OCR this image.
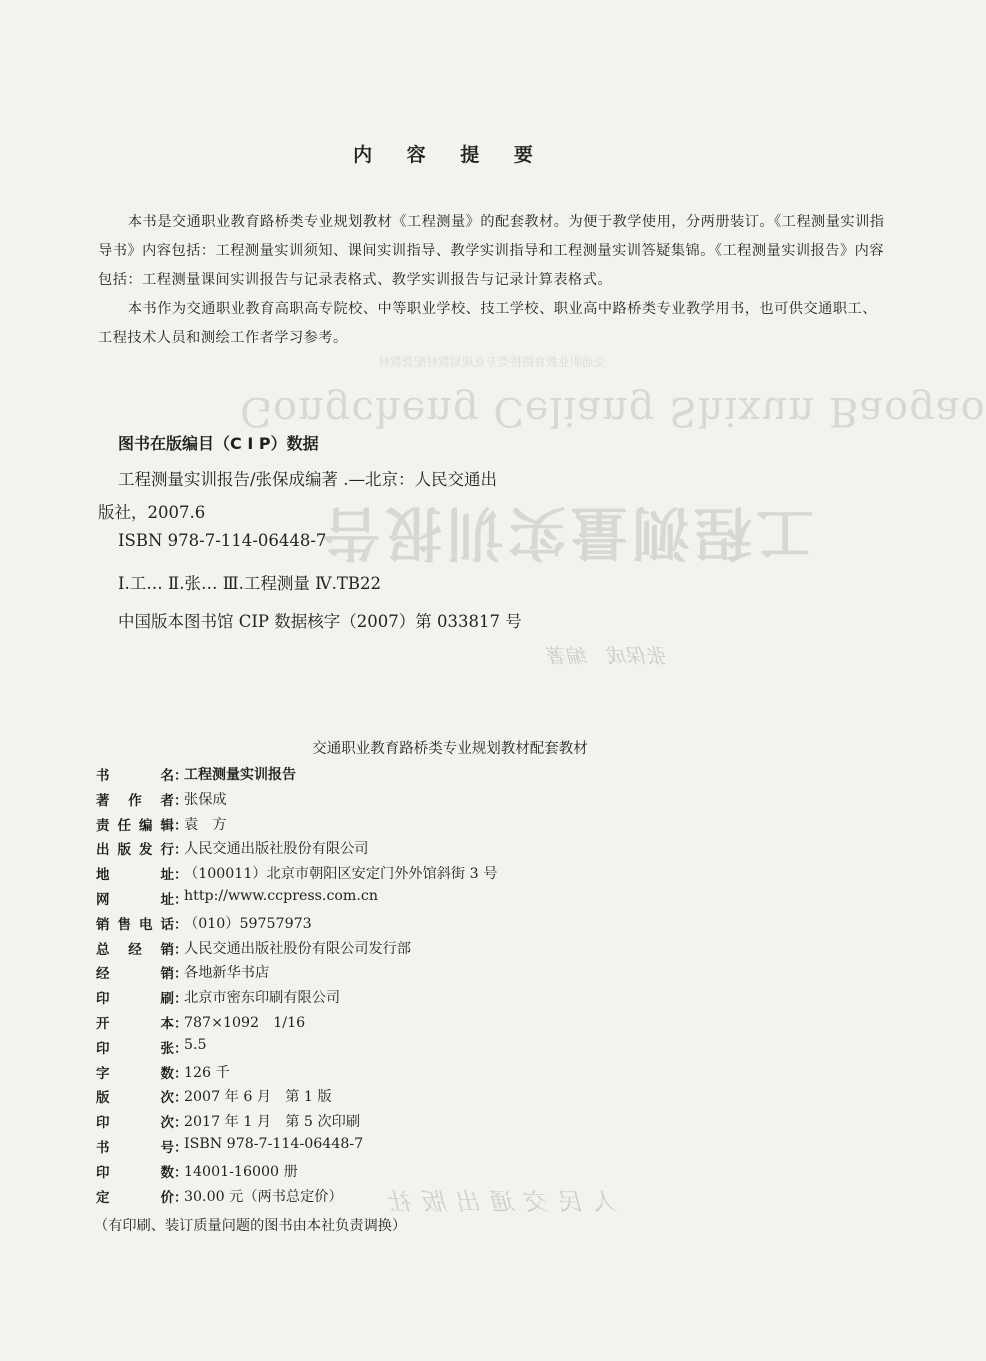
交通职业教育路桥类专业规划教材配套教材
Gongcheng Celiang Shixun Baogao
工程测量实训报告
张保成　编著
人民交通出版社
内 容 提 要

本书是交通职业教育路桥类专业规划教材《工程测量》的配套教材。为便于教学使用，分两册装订。《工程测量实训指导书》内容包括：工程测量实训须知、课间实训指导、教学实训指导和工程测量实训答疑集锦。《工程测量实训报告》内容包括：工程测量课间实训报告与记录表格式、教学实训报告与记录计算表格式。

本书作为交通职业教育高职高专院校、中等职业学校、技工学校、职业高中路桥类专业教学用书，也可供交通职工、工程技术人员和测绘工作者学习参考。

图书在版编目（C I P）数据
工程测量实训报告/张保成编著 .—北京：人民交通出
版社，2007.6
ISBN 978-7-114-06448-7
Ⅰ.工… Ⅱ.张… Ⅲ.工程测量 Ⅳ.TB22
中国版本图书馆 CIP 数据核字（2007）第 033817 号
交通职业教育路桥类专业规划教材配套教材
书	名 ：
工程测量实训报告
著 作 者 ：
张保成
责 任 编 辑 ：
袁　方
出 版 发 行 ：
人民交通出版社股份有限公司
地	址 ：
（100011）北京市朝阳区安定门外外馆斜街 3 号
网	址 ：
http://www.ccpress.com.cn
销 售 电 话 ：
（010）59757973
总 经 销 ：
人民交通出版社股份有限公司发行部
经	销 ：
各地新华书店
印	刷 ：
北京市密东印刷有限公司
开	本 ：
787×1092　1/16
印	张 ：
5.5
字	数 ：
126 千
版	次 ：
2007 年 6 月　第 1 版
印	次 ：
2017 年 1 月　第 5 次印刷
书	号 ：
ISBN 978-7-114-06448-7
印	数 ：
14001-16000 册
定	价 ：
30.00 元（两书总定价）
（有印刷、装订质量问题的图书由本社负责调换）
